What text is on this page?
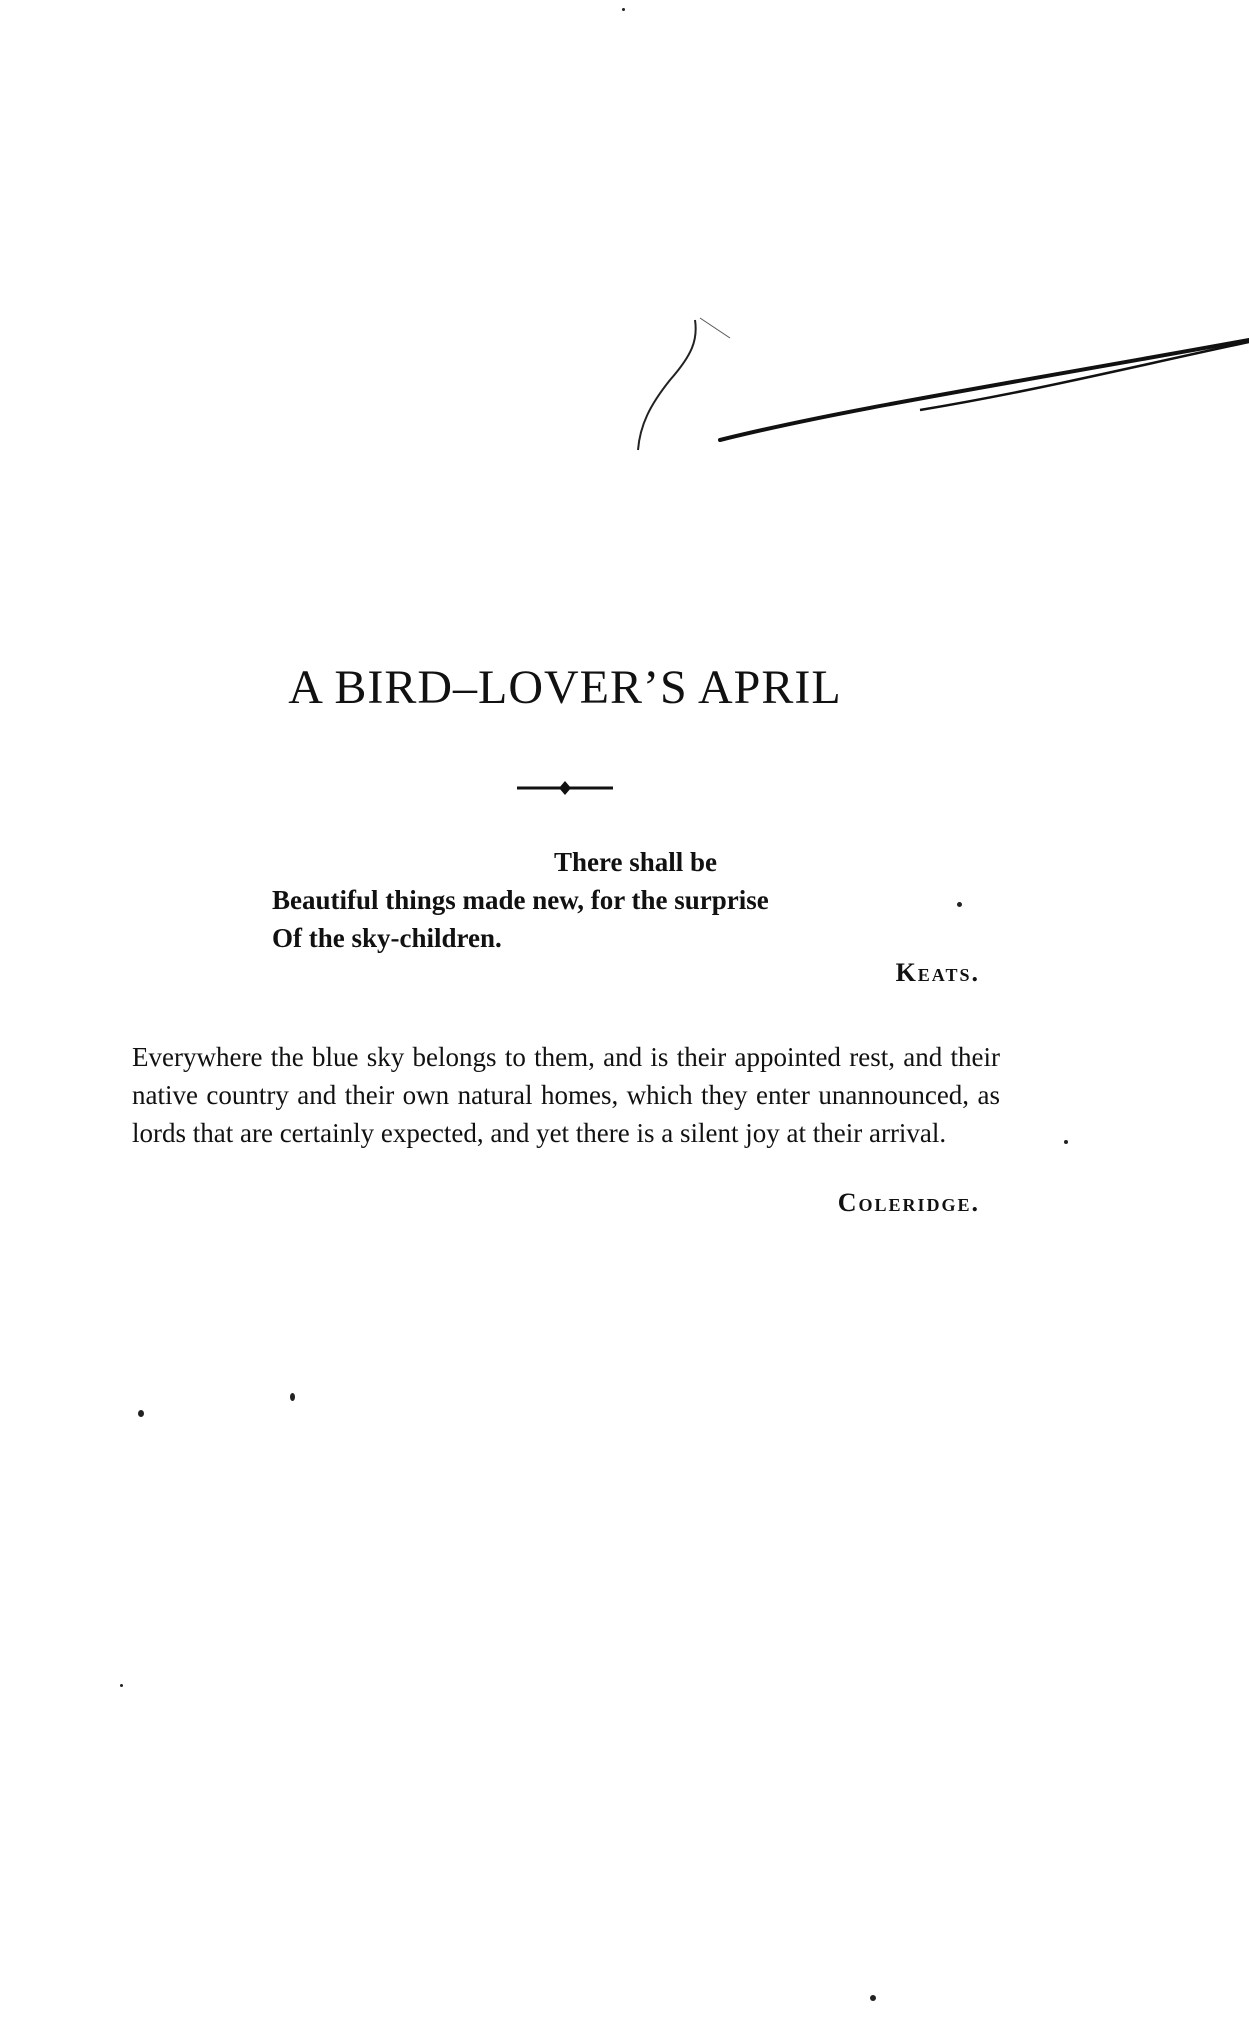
A BIRD–LOVER’S APRIL
There shall be
Beautiful things made new, for the surprise
Of the sky-children.
Keats.

Everywhere the blue sky belongs to them, and is their appointed rest, and their native country and their own natural homes, which they enter unannounced, as lords that are certainly expected, and yet there is a silent joy at their arrival.

Coleridge.
